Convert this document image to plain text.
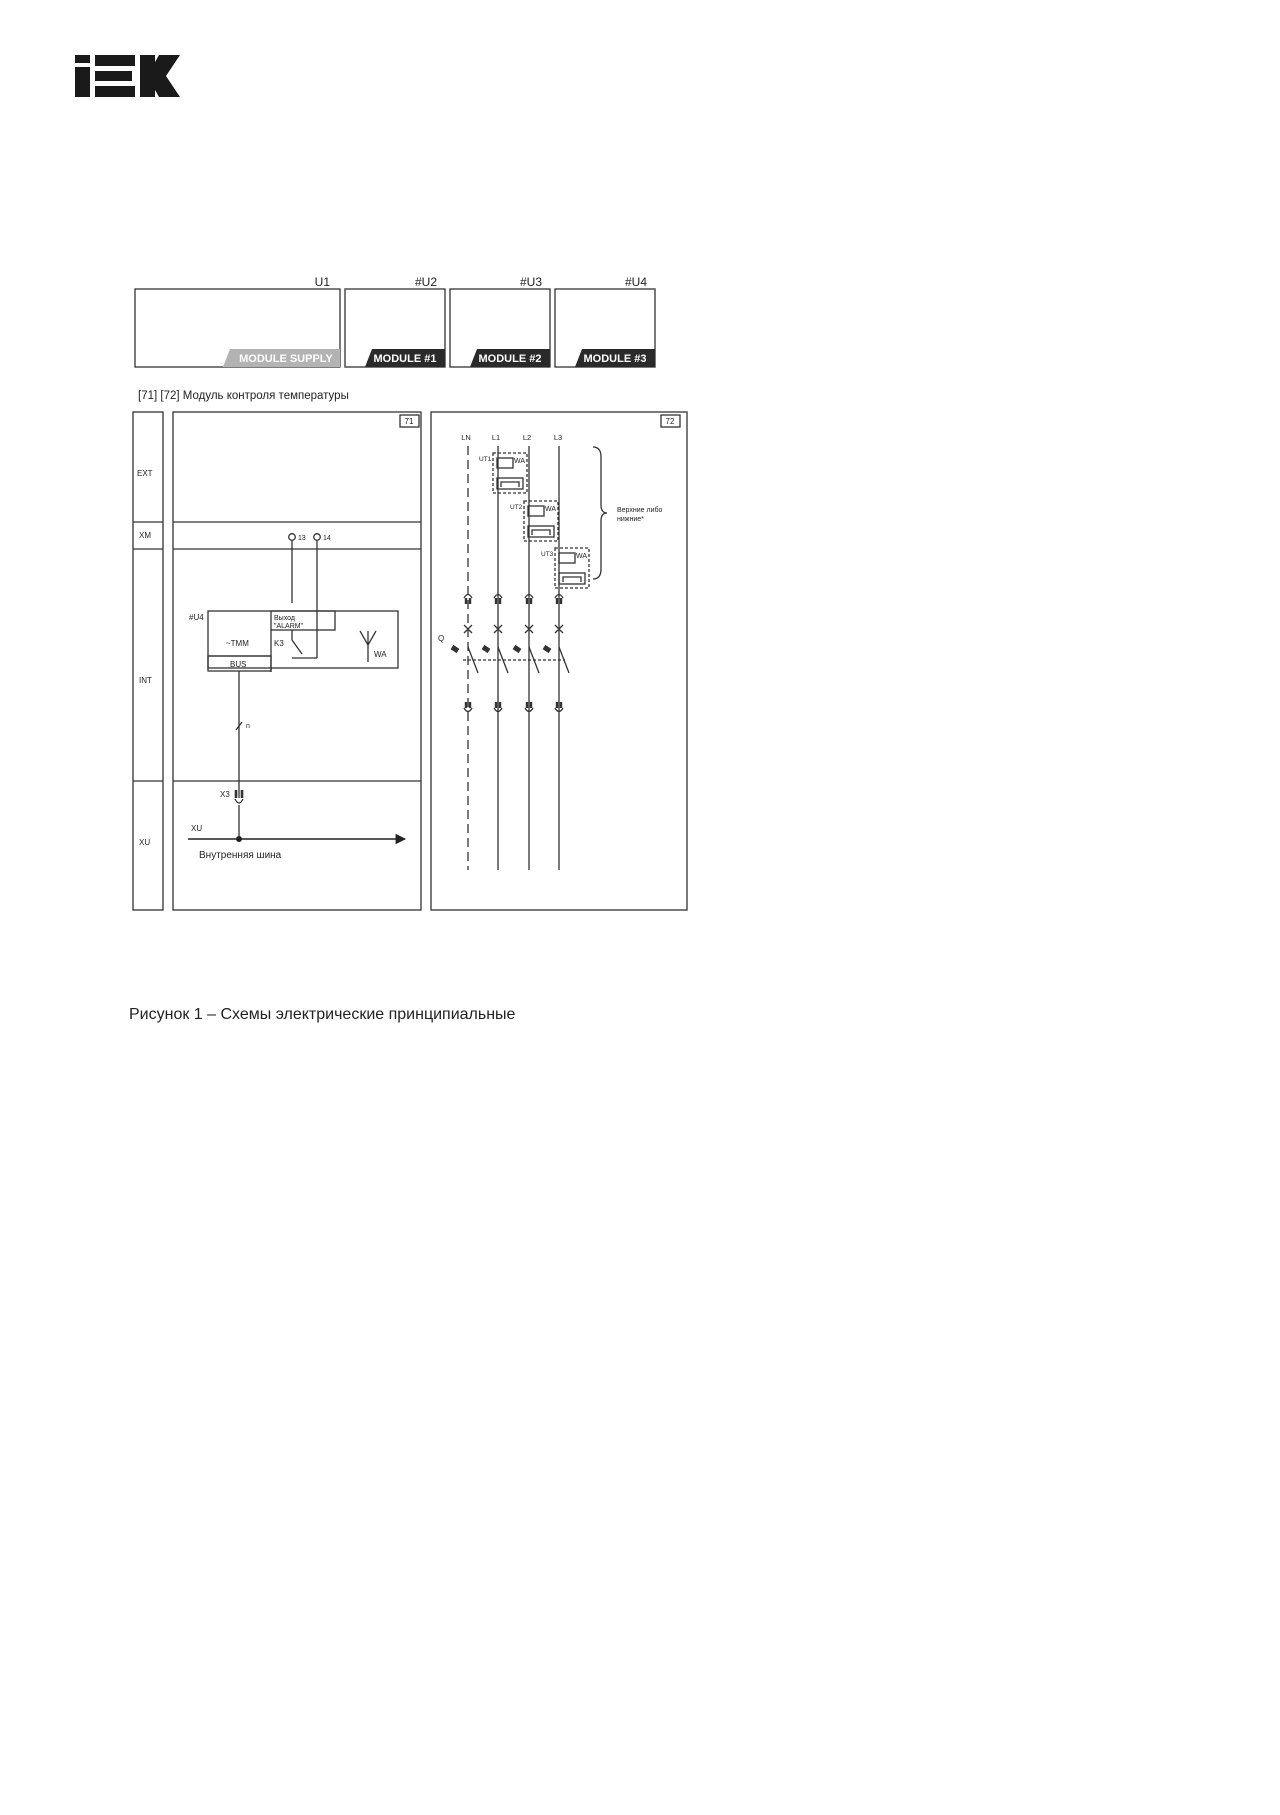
U1
MODULE SUPPLY
#U2
MODULE #1
#U3
MODULE #2
#U4
MODULE #3
[71] [72] Модуль контроля температуры
EXT
XM
INT
XU
71
13 14
#U4	Выход
"ALARM"
~TMM
BUS
K3
WA
n
X3
XU
Внутренняя шина
72
LN	L1	L2	L3
UT1	WA
UT2	WA
UT3	WA
Верхние либо
нижние*
Q
Рисунок 1 – Схемы электрические принципиальные
